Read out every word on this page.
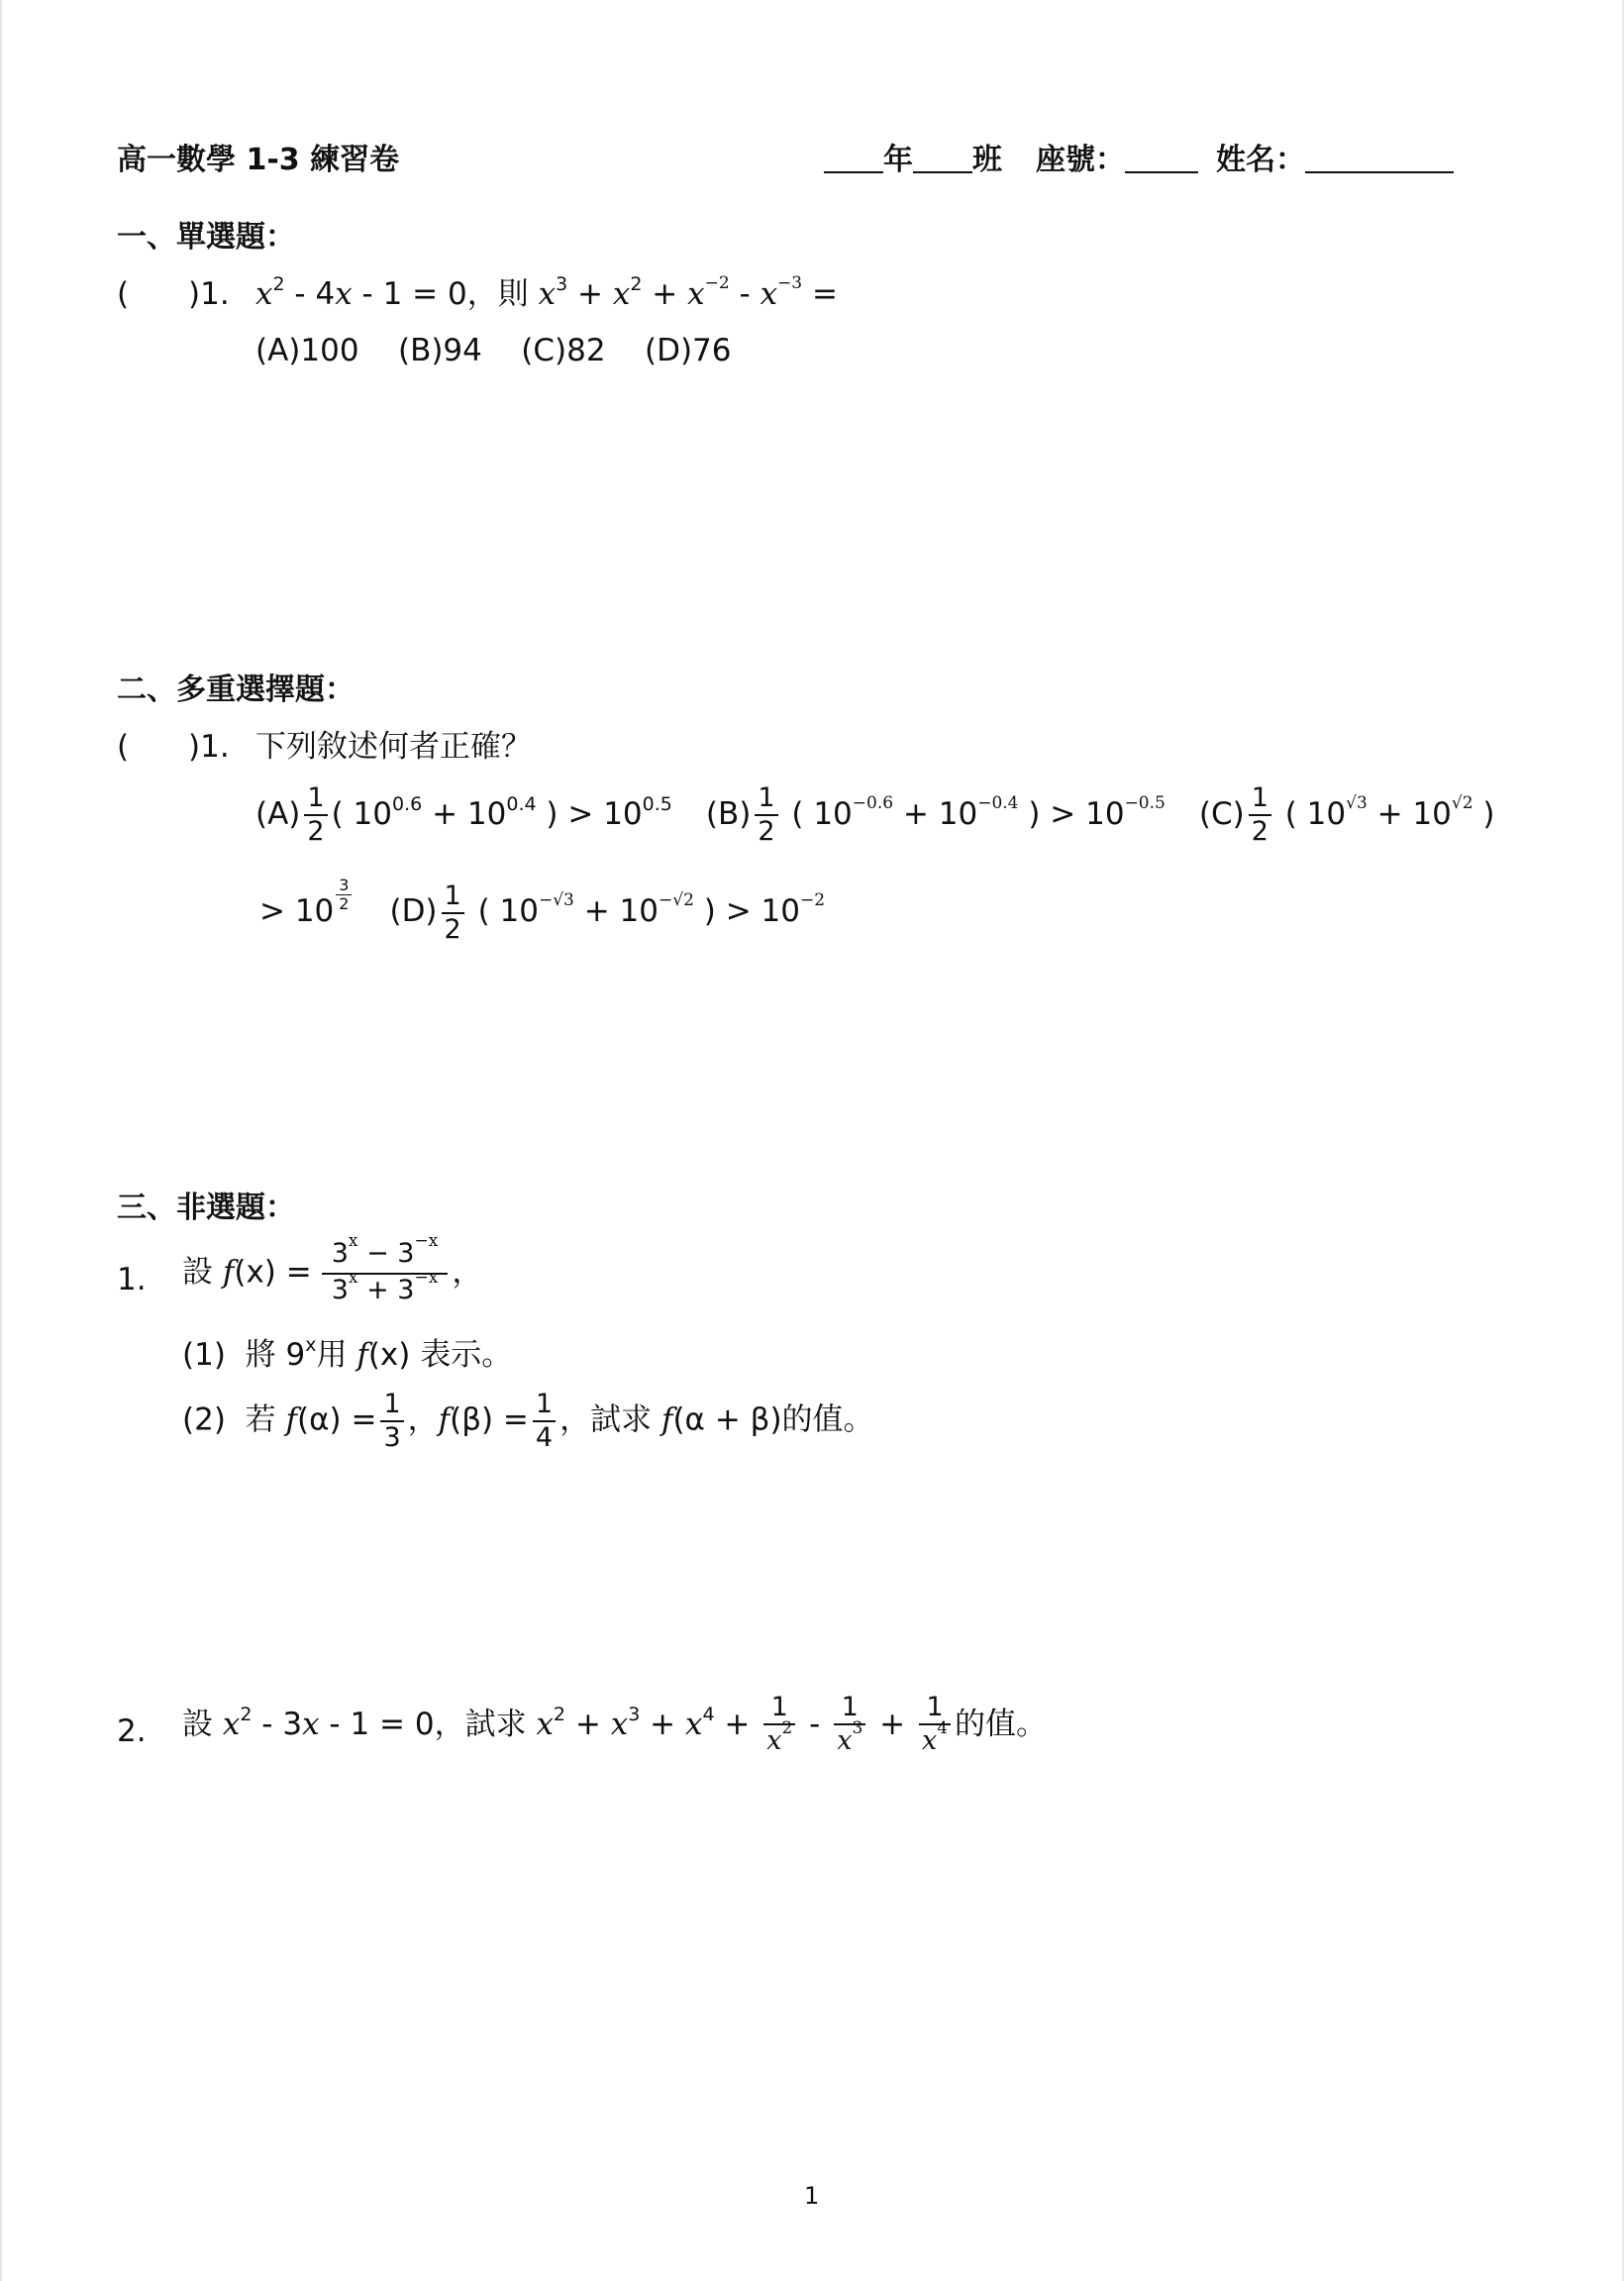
高一數學 1-3 練習卷	年 班 座號：	姓名：
一、單選題：
( )1. $x^2 - 4x - 1 = 0$，則 $x^3 + x^2 + x^{-2} - x^{-3}$ =
(A)100    (B)94    (C)82    (D)76
二、多重選擇題：
( )1. 下列敘述何者正確？
$(A) \frac{1}{2}$ ( $10^{0.6} + 10^{0.4}$ ) > $10^{0.5}$ $(B) \frac{1}{2}$ ( $10^{-0.6} + 10^{-0.4}$ ) > $10^{-0.5}$ $(C) \frac{1}{2}$ ( $10^{√3} + 10^{√2}$ )
> $10 \frac{3}{2} (D) \frac{1}{2}$ ( $10^{-√3} + 10^{-√2}$ ) > $10^{-2}$
三、非選題：
1. 設 $f(x) = \frac{3^x - 3^{-x}}{3^x + 3^{-x}}$ ，
(1) 將 9$^x$用 f(x) 表示。
(2) 若 $f(\alpha) = \frac{1}{3}$ ，$f(\beta) = \frac{1}{4}$ ，試求 f(α + β)的值。
2. 設 $x^2 - 3x - 1 = 0$，試求 $x^2 + x^3 + x^4 + \frac{1}{x^2} - \frac{1}{x^3} + \frac{1}{x^4}$ 的值。
1
